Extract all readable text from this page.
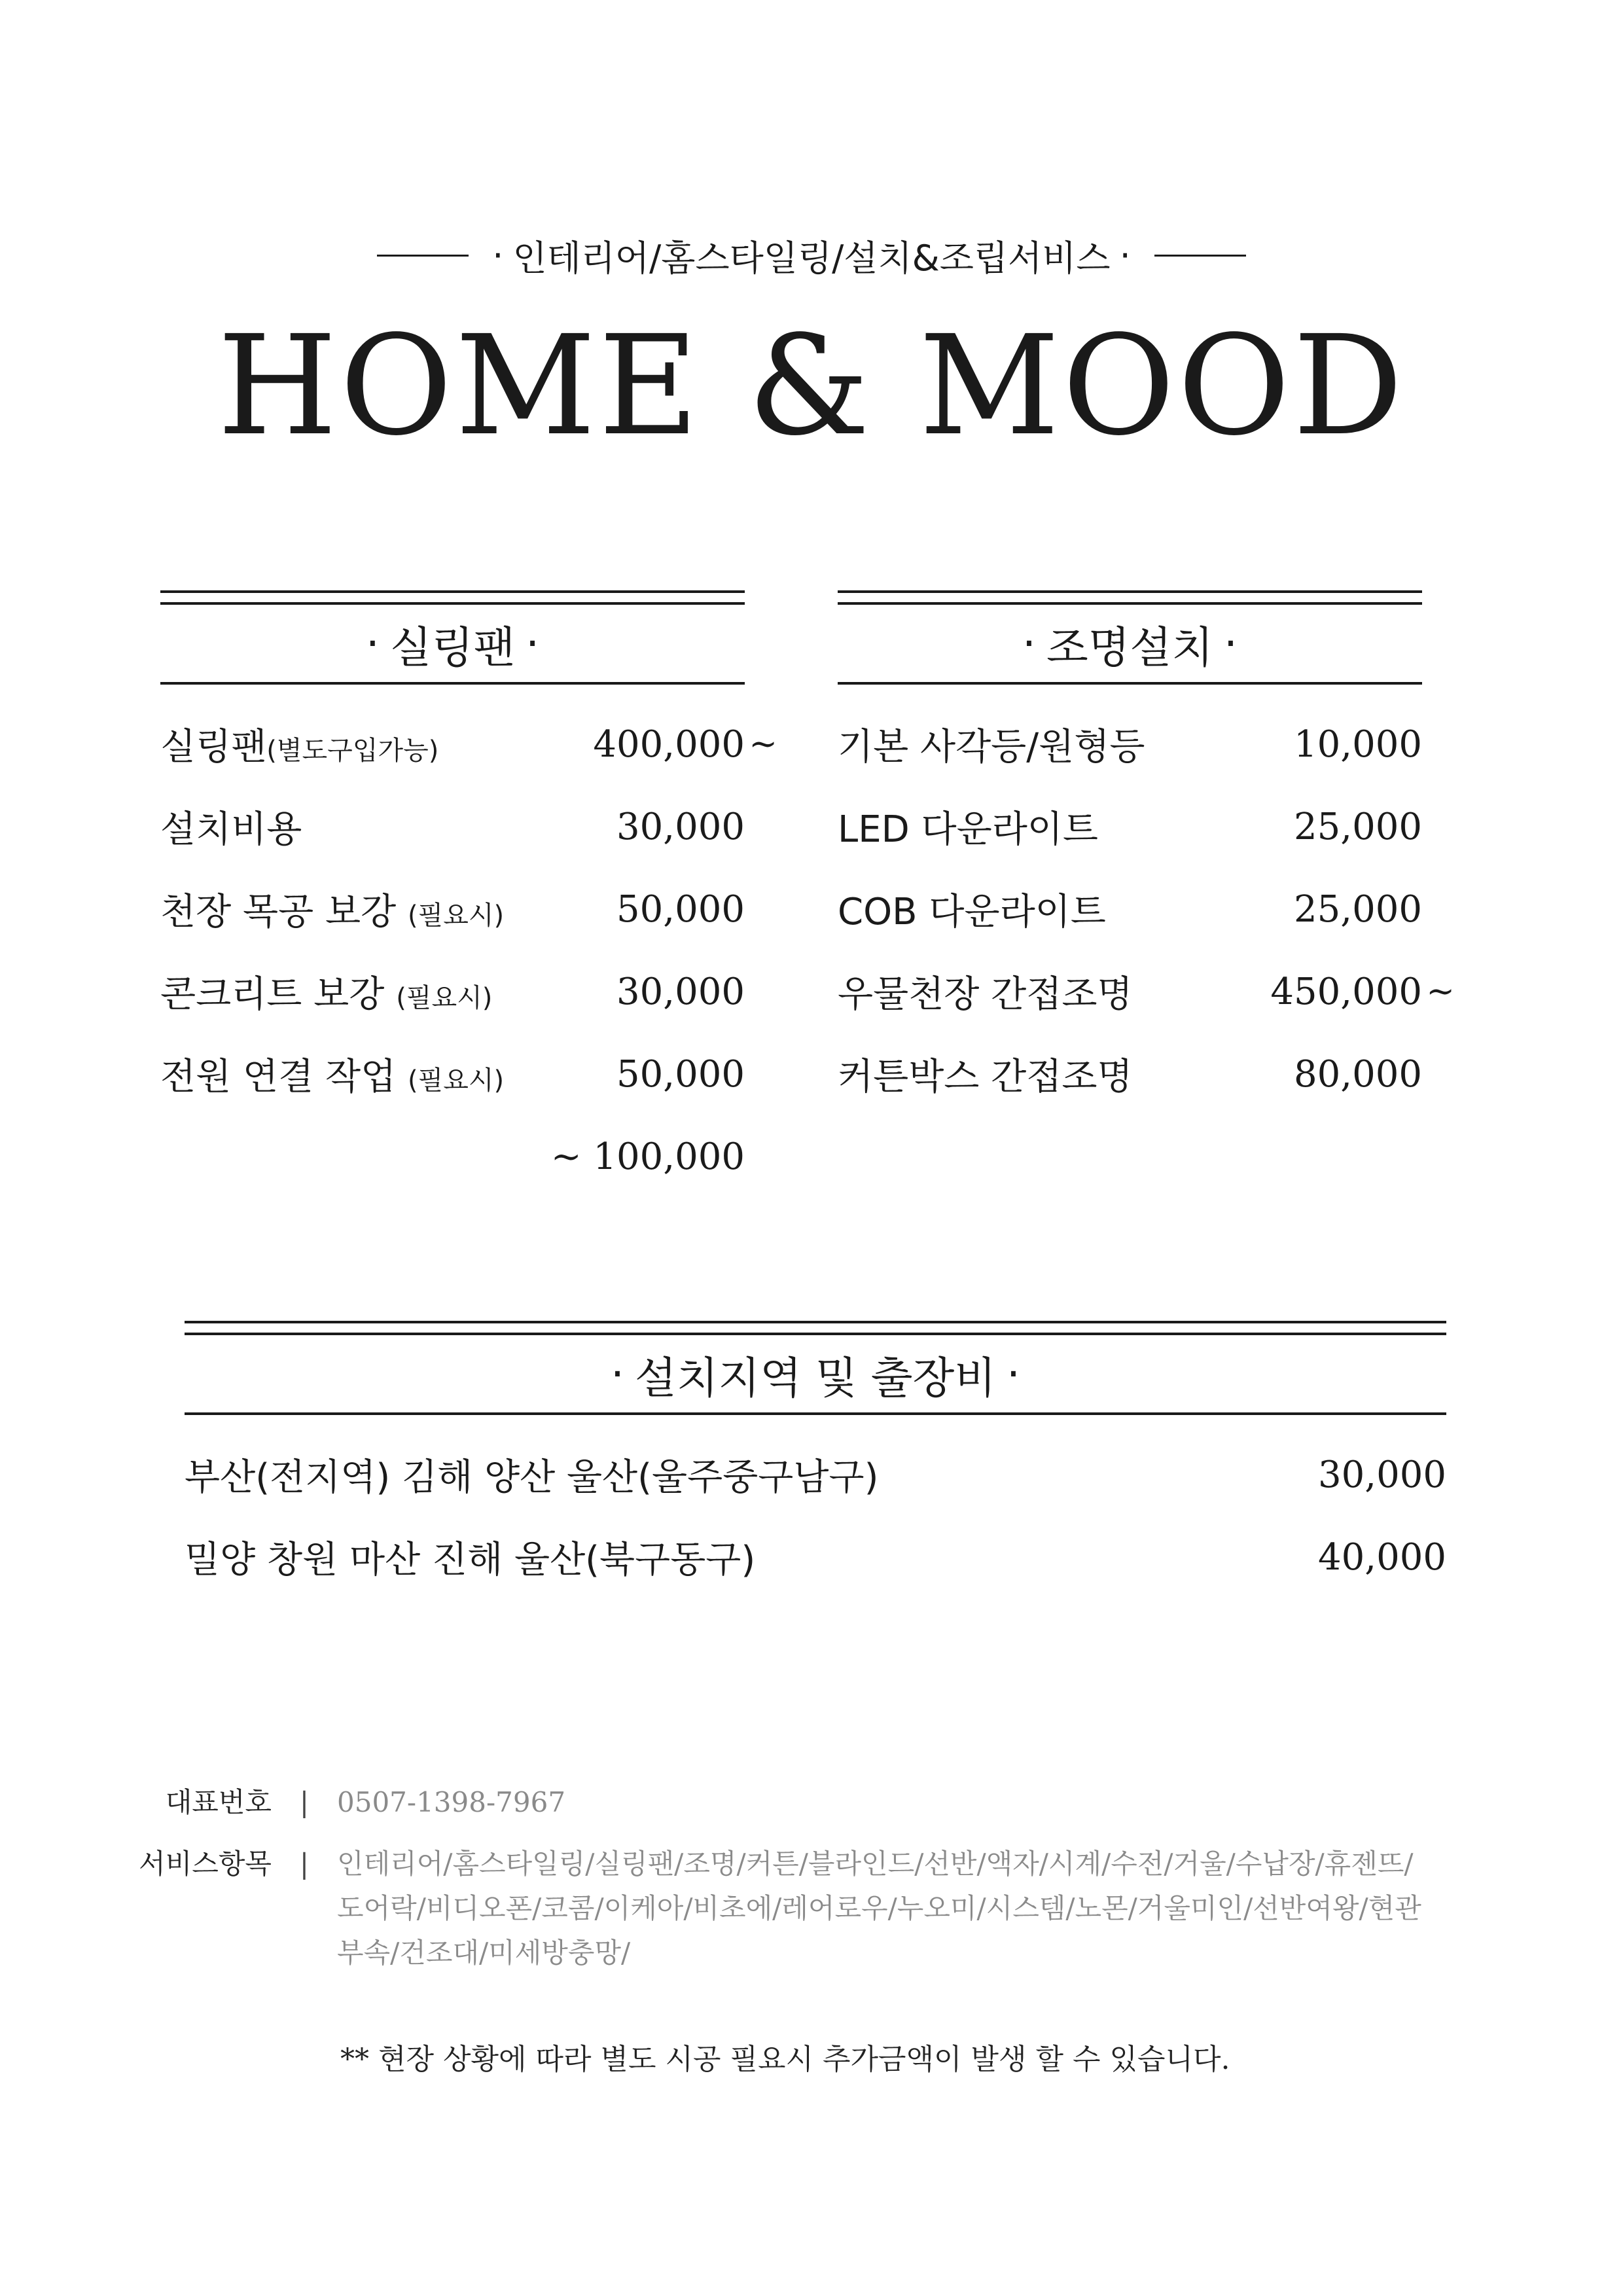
· 인테리어/홈스타일링/설치&조립서비스 ·
HOME & MOOD
· 실링팬 ·
실링팬(별도구입가능)	400,000 ~
설치비용	30,000
천장 목공 보강 (필요시)	50,000
콘크리트 보강 (필요시)	30,000
전원 연결 작업 (필요시)	50,000
~ 100,000
· 조명설치 ·
기본 사각등/원형등	10,000
LED 다운라이트	25,000
COB 다운라이트	25,000
우물천장 간접조명	450,000 ~
커튼박스 간접조명	80,000
· 설치지역 및 출장비 ·
부산(전지역) 김해 양산 울산(울주중구남구)	30,000
밀양 창원 마산 진해 울산(북구동구)	40,000
대표번호	|	0507-1398-7967
서비스항목	|	인테리어/홈스타일링/실링팬/조명/커튼/블라인드/선반/액자/시계/수전/거울/수납장/휴젠뜨/
도어락/비디오폰/코콤/이케아/비초에/레어로우/누오미/시스템/노몬/거울미인/선반여왕/현관
부속/건조대/미세방충망/
** 현장 상황에 따라 별도 시공 필요시 추가금액이 발생 할 수 있습니다.
